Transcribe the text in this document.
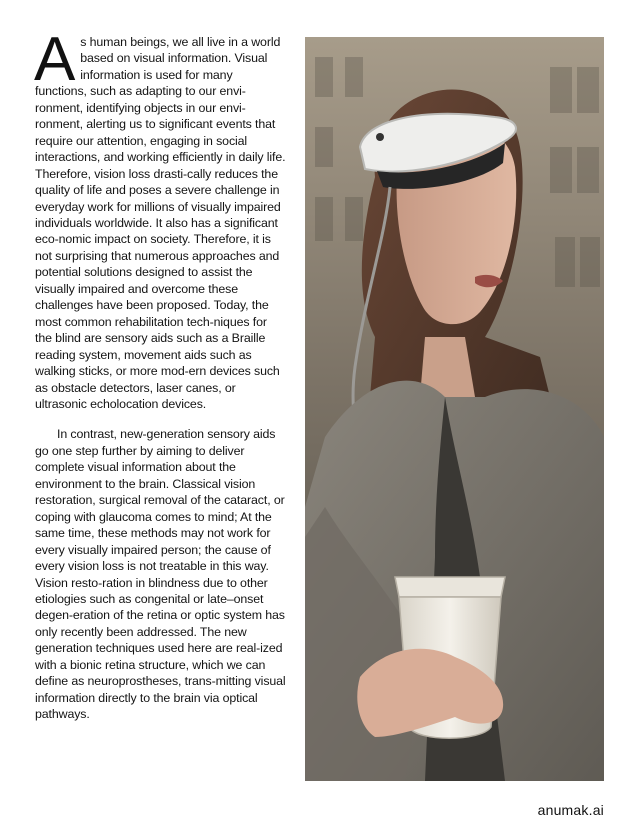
As human beings, we all live in a world based on visual information. Visual information is used for many functions, such as adapting to our envi-ronment, identifying objects in our envi-ronment, alerting us to significant events that require our attention, engaging in social interactions, and working efficiently in daily life. Therefore, vision loss drasti-cally reduces the quality of life and poses a severe challenge in everyday work for millions of visually impaired individuals worldwide. It also has a significant eco-nomic impact on society. Therefore, it is not surprising that numerous approaches and potential solutions designed to assist the visually impaired and overcome these challenges have been proposed. Today, the most common rehabilitation tech-niques for the blind are sensory aids such as a Braille reading system, movement aids such as walking sticks, or more mod-ern devices such as obstacle detectors, laser canes, or ultrasonic echolocation devices.

In contrast, new-generation sensory aids go one step further by aiming to deliver complete visual information about the environment to the brain. Classical vision restoration, surgical removal of the cataract, or coping with glaucoma comes to mind; At the same time, these methods may not work for every visually impaired person; the cause of every vision loss is not treatable in this way. Vision resto-ration in blindness due to other etiologies such as congenital or late–onset degen-eration of the retina or optic system has only recently been addressed. The new generation techniques used here are real-ized with a bionic retina structure, which we can define as neuroprostheses, trans-mitting visual information directly to the brain via optical pathways.

anumak.ai
